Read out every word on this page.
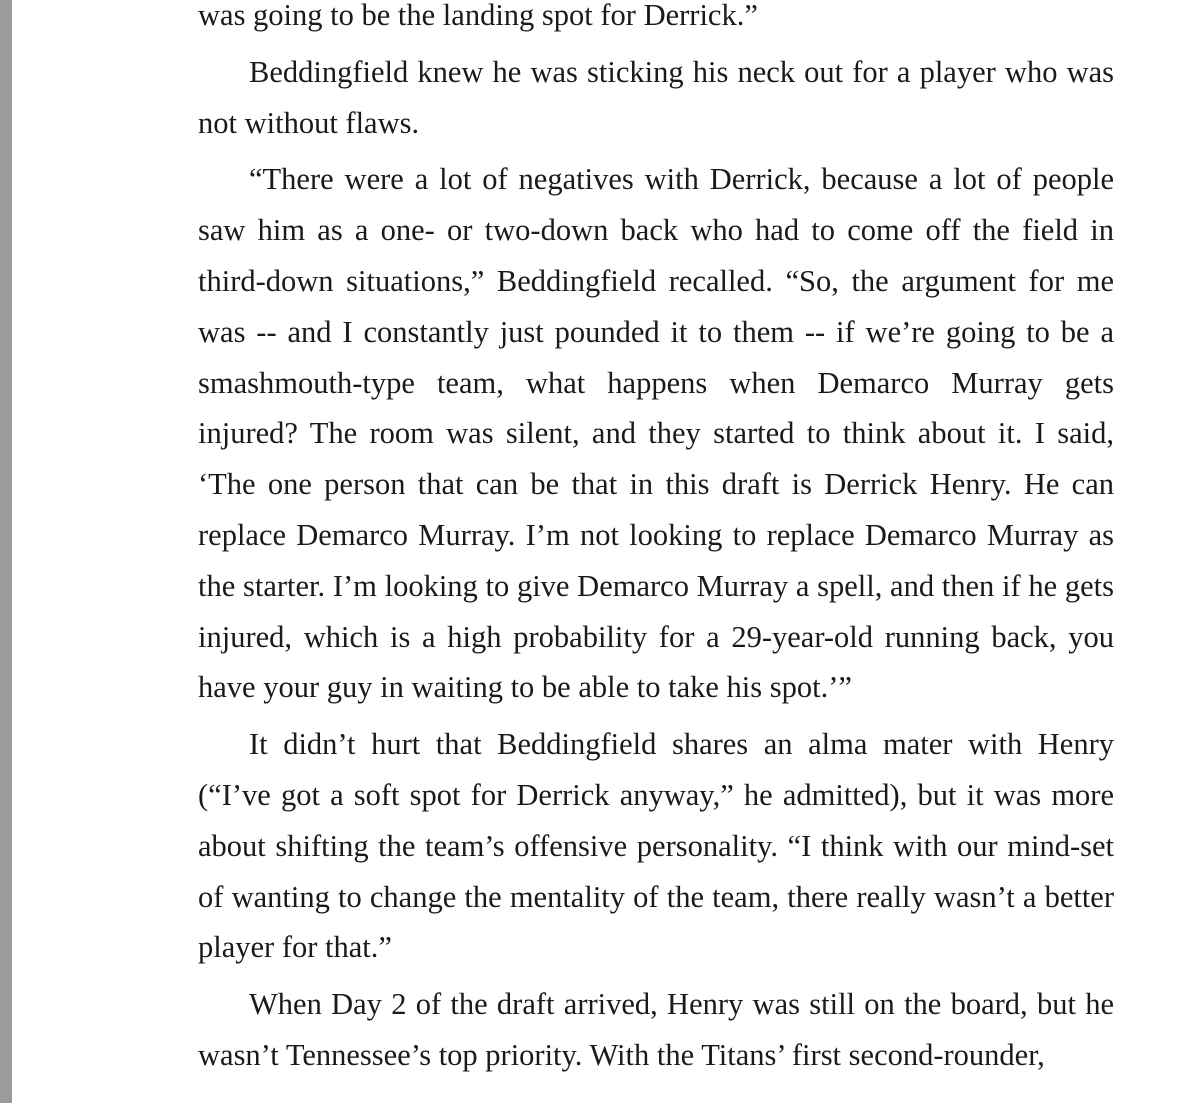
was going to be the landing spot for Derrick.”

Beddingfield knew he was sticking his neck out for a player who was not without flaws.

“There were a lot of negatives with Derrick, because a lot of people saw him as a one- or two-down back who had to come off the field in third-down situations,” Beddingfield recalled. “So, the argument for me was -- and I constantly just pounded it to them -- if we’re going to be a smashmouth-type team, what happens when Demarco Murray gets injured? The room was silent, and they started to think about it. I said, ‘The one person that can be that in this draft is Derrick Henry. He can replace Demarco Murray. I’m not looking to replace Demarco Murray as the starter. I’m looking to give Demarco Murray a spell, and then if he gets injured, which is a high probability for a 29-year-old running back, you have your guy in waiting to be able to take his spot.’”

It didn’t hurt that Beddingfield shares an alma mater with Henry (“I’ve got a soft spot for Derrick anyway,” he admitted), but it was more about shifting the team’s offensive personality. “I think with our mind-set of wanting to change the mentality of the team, there really wasn’t a better player for that.”

When Day 2 of the draft arrived, Henry was still on the board, but he wasn’t Tennessee’s top priority. With the Titans’ first second-rounder,
